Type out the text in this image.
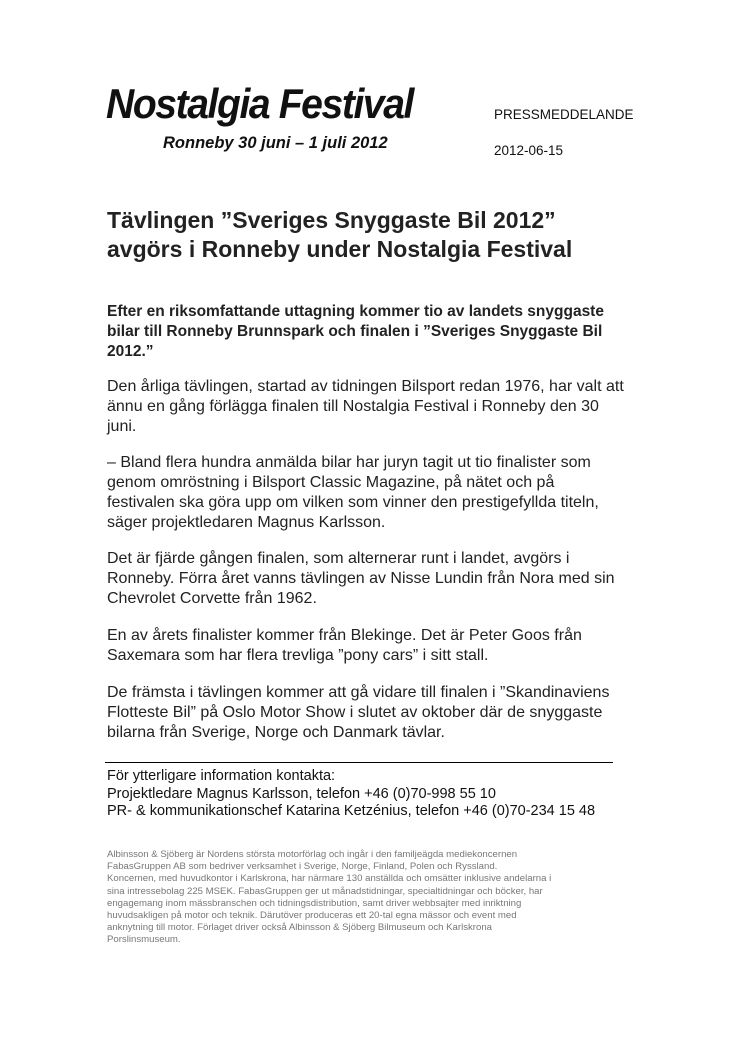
Nostalgia Festival
Ronneby 30 juni – 1 juli 2012
PRESSMEDDELANDE
2012-06-15
Tävlingen ”Sveriges Snyggaste Bil 2012”
avgörs i Ronneby under Nostalgia Festival
Efter en riksomfattande uttagning kommer tio av landets snyggaste
bilar till Ronneby Brunnspark och finalen i ”Sveriges Snyggaste Bil
2012.”
Den årliga tävlingen, startad av tidningen Bilsport redan 1976, har valt att
ännu en gång förlägga finalen till Nostalgia Festival i Ronneby den 30
juni.
– Bland flera hundra anmälda bilar har juryn tagit ut tio finalister som
genom omröstning i Bilsport Classic Magazine, på nätet och på
festivalen ska göra upp om vilken som vinner den prestigefyllda titeln,
säger projektledaren Magnus Karlsson.
Det är fjärde gången finalen, som alternerar runt i landet, avgörs i
Ronneby. Förra året vanns tävlingen av Nisse Lundin från Nora med sin
Chevrolet Corvette från 1962.
En av årets finalister kommer från Blekinge. Det är Peter Goos från
Saxemara som har flera trevliga ”pony cars” i sitt stall.
De främsta i tävlingen kommer att gå vidare till finalen i ”Skandinaviens
Flotteste Bil” på Oslo Motor Show i slutet av oktober där de snyggaste
bilarna från Sverige, Norge och Danmark tävlar.
För ytterligare information kontakta:
Projektledare Magnus Karlsson, telefon +46 (0)70-998 55 10
PR- & kommunikationschef Katarina Ketzénius, telefon +46 (0)70-234 15 48
Albinsson & Sjöberg är Nordens största motorförlag och ingår i den familjeägda mediekoncernen
FabasGruppen AB som bedriver verksamhet i Sverige, Norge, Finland, Polen och Ryssland.
Koncernen, med huvudkontor i Karlskrona, har närmare 130 anställda och omsätter inklusive andelarna i
sina intressebolag 225 MSEK. FabasGruppen ger ut månadstidningar, specialtidningar och böcker, har
engagemang inom mässbranschen och tidningsdistribution, samt driver webbsajter med inriktning
huvudsakligen på motor och teknik. Därutöver produceras ett 20-tal egna mässor och event med
anknytning till motor. Förlaget driver också Albinsson & Sjöberg Bilmuseum och Karlskrona
Porslinsmuseum.
